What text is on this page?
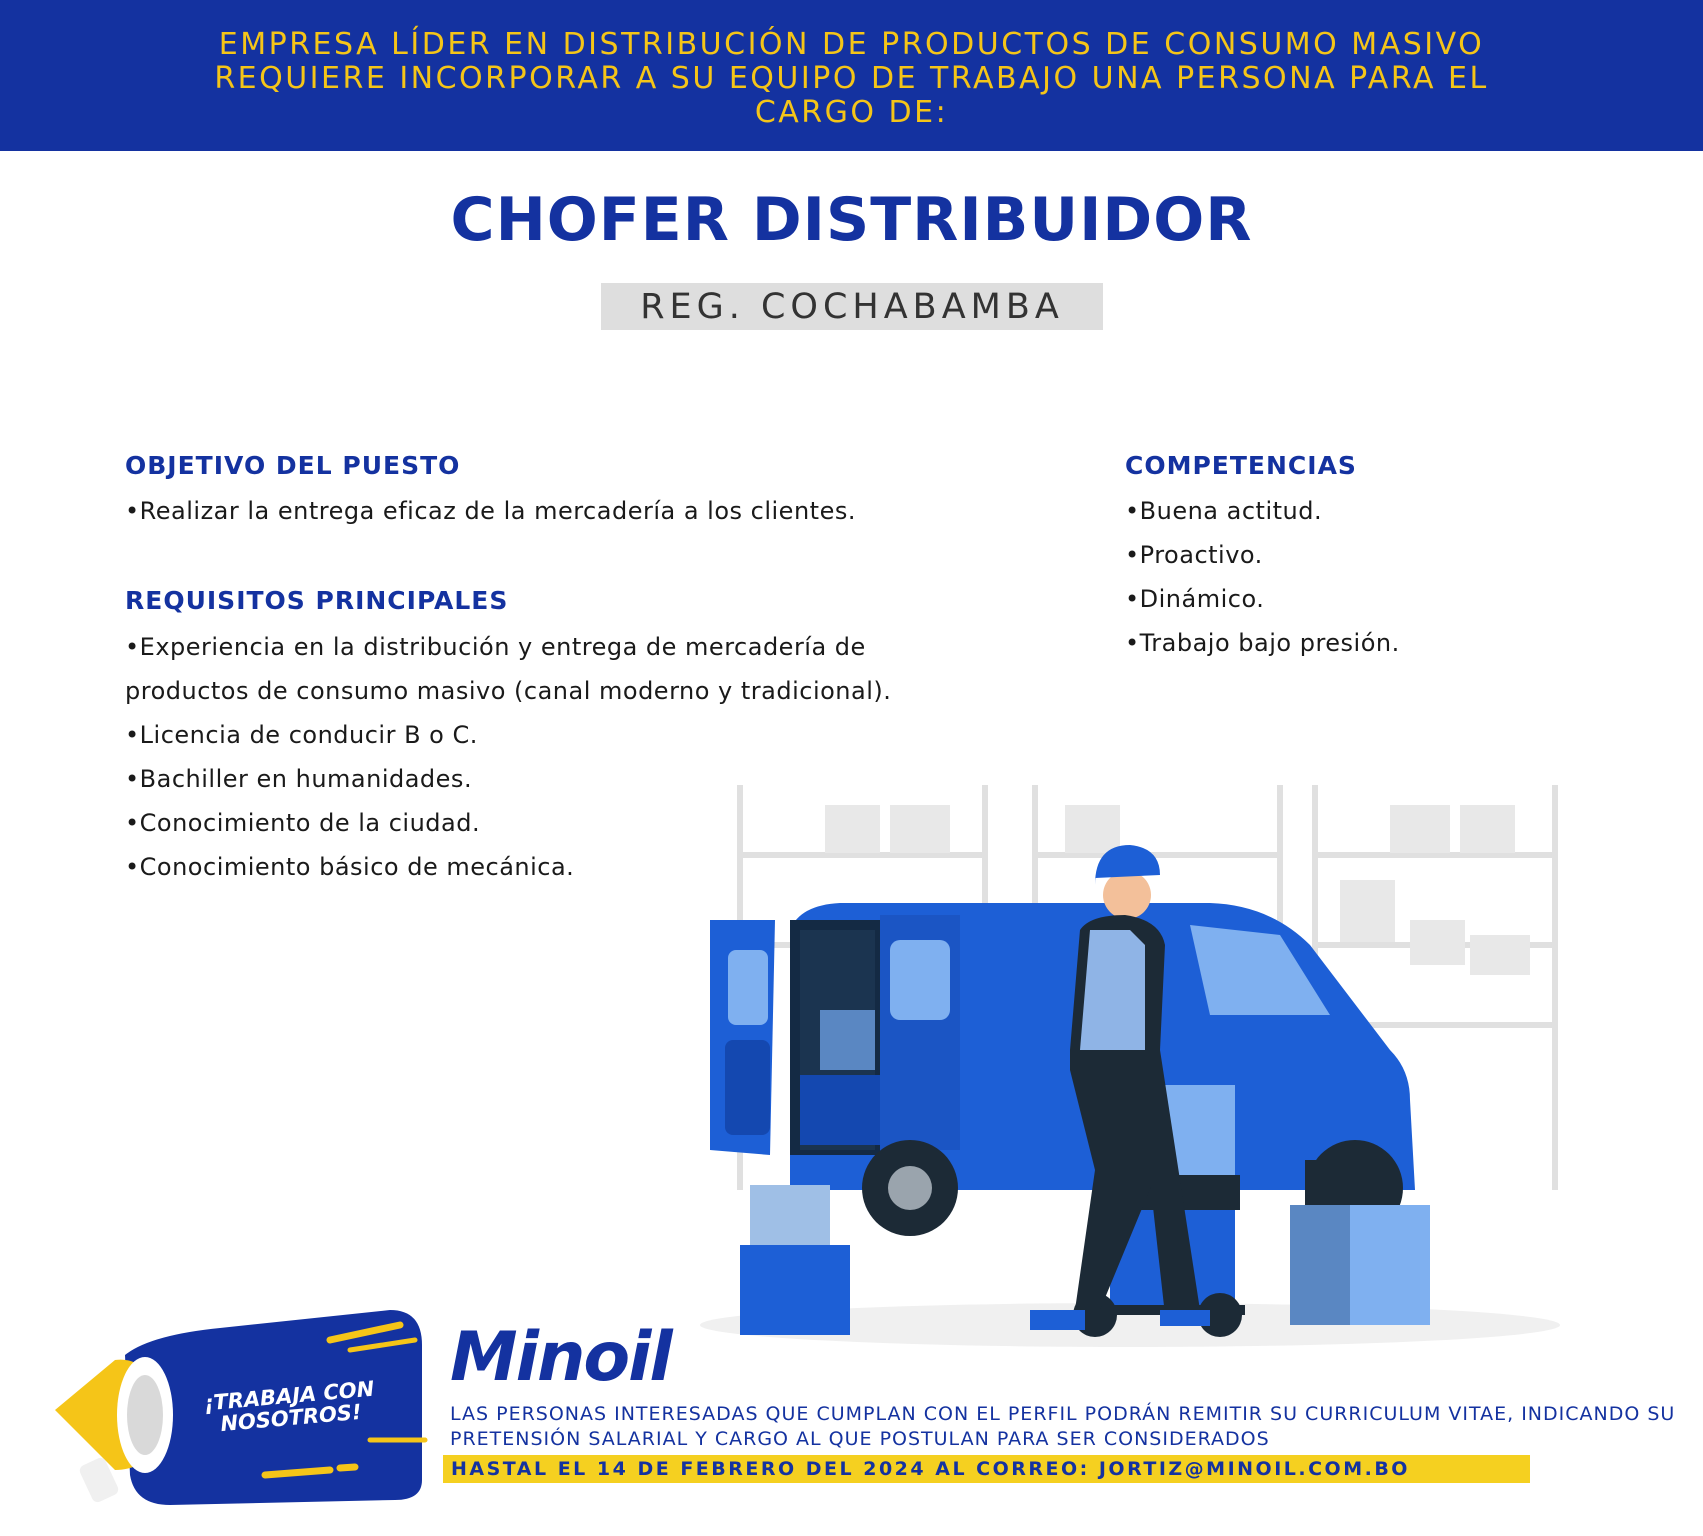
EMPRESA LÍDER EN DISTRIBUCIÓN DE PRODUCTOS DE CONSUMO MASIVO REQUIERE INCORPORAR A SU EQUIPO DE TRABAJO UNA PERSONA PARA EL CARGO DE:

CHOFER DISTRIBUIDOR
REG. COCHABAMBA
OBJETIVO DEL PUESTO
• Realizar la entrega eficaz de la mercadería a los clientes.
REQUISITOS PRINCIPALES
• Experiencia en la distribución y entrega de mercadería de productos de consumo masivo (canal moderno y tradicional).
• Licencia de conducir B o C.
• Bachiller en humanidades.
• Conocimiento de la ciudad.
• Conocimiento básico de mecánica.
COMPETENCIAS
• Buena actitud.
• Proactivo.
• Dinámico.
• Trabajo bajo presión.
¡TRABAJA CON NOSOTROS!
Minoil

LAS PERSONAS INTERESADAS QUE CUMPLAN CON EL PERFIL PODRÁN REMITIR SU CURRICULUM VITAE, INDICANDO SU PRETENSIÓN SALARIAL Y CARGO AL QUE POSTULAN PARA SER CONSIDERADOS

HASTAL EL 14 DE FEBRERO DEL 2024 AL CORREO: JORTIZ@MINOIL.COM.BO
